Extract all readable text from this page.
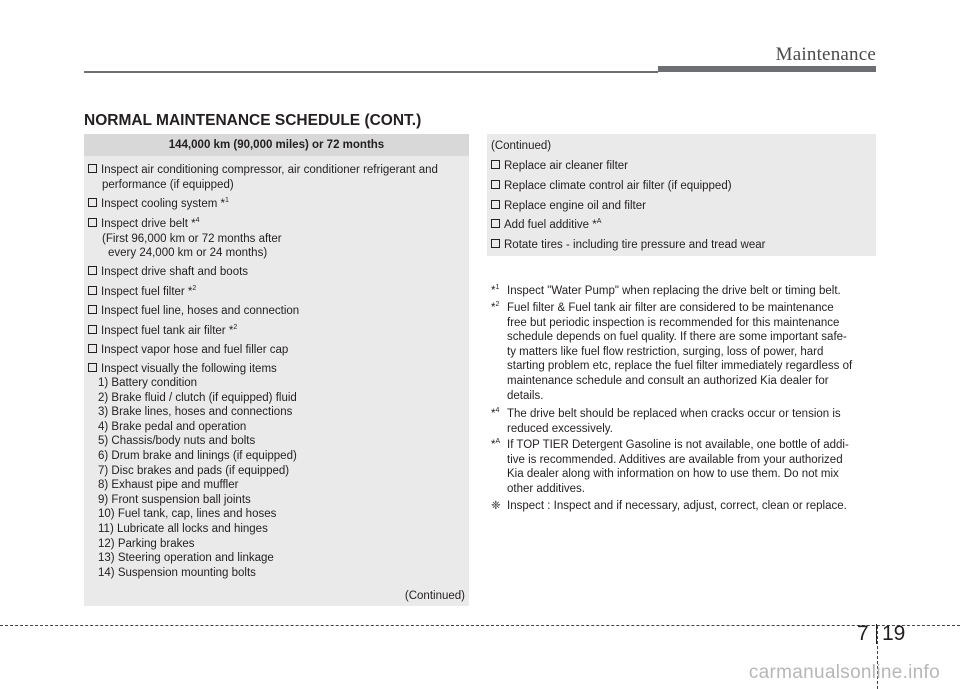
Maintenance
NORMAL MAINTENANCE SCHEDULE (CONT.)
144,000 km (90,000 miles) or 72 months
Inspect air conditioning compressor, air conditioner refrigerant and
performance (if equipped)
Inspect cooling system *$^1$
Inspect drive belt *$^4$
(First 96,000 km or 72 months after
every 24,000 km or 24 months)
Inspect drive shaft and boots
Inspect fuel filter *$^2$
Inspect fuel line, hoses and connection
Inspect fuel tank air filter *$^2$
Inspect vapor hose and fuel filler cap
Inspect visually the following items
1) Battery condition
2) Brake fluid / clutch (if equipped) fluid
3) Brake lines, hoses and connections
4) Brake pedal and operation
5) Chassis/body nuts and bolts
6) Drum brake and linings (if equipped)
7) Disc brakes and pads (if equipped)
8) Exhaust pipe and muffler
9) Front suspension ball joints
10) Fuel tank, cap, lines and hoses
11) Lubricate all locks and hinges
12) Parking brakes
13) Steering operation and linkage
14) Suspension mounting bolts
(Continued)
(Continued)
Replace air cleaner filter
Replace climate control air filter (if equipped)
Replace engine oil and filter
Add fuel additive *$^A$
Rotate tires - including tire pressure and tread wear
*$^1$ Inspect "Water Pump" when replacing the drive belt or timing belt.
*$^2$ Fuel filter & Fuel tank air filter are considered to be maintenance
free but periodic inspection is recommended for this maintenance
schedule depends on fuel quality. If there are some important safe-
ty matters like fuel flow restriction, surging, loss of power, hard
starting problem etc, replace the fuel filter immediately regardless of
maintenance schedule and consult an authorized Kia dealer for
details.
*$^4$ The drive belt should be replaced when cracks occur or tension is
reduced excessively.
*$^A$ If TOP TIER Detergent Gasoline is not available, one bottle of addi-
tive is recommended. Additives are available from your authorized
Kia dealer along with information on how to use them. Do not mix
other additives.
❈ Inspect : Inspect and if necessary, adjust, correct, clean or replace.
7 19
carmanualsonline.info
